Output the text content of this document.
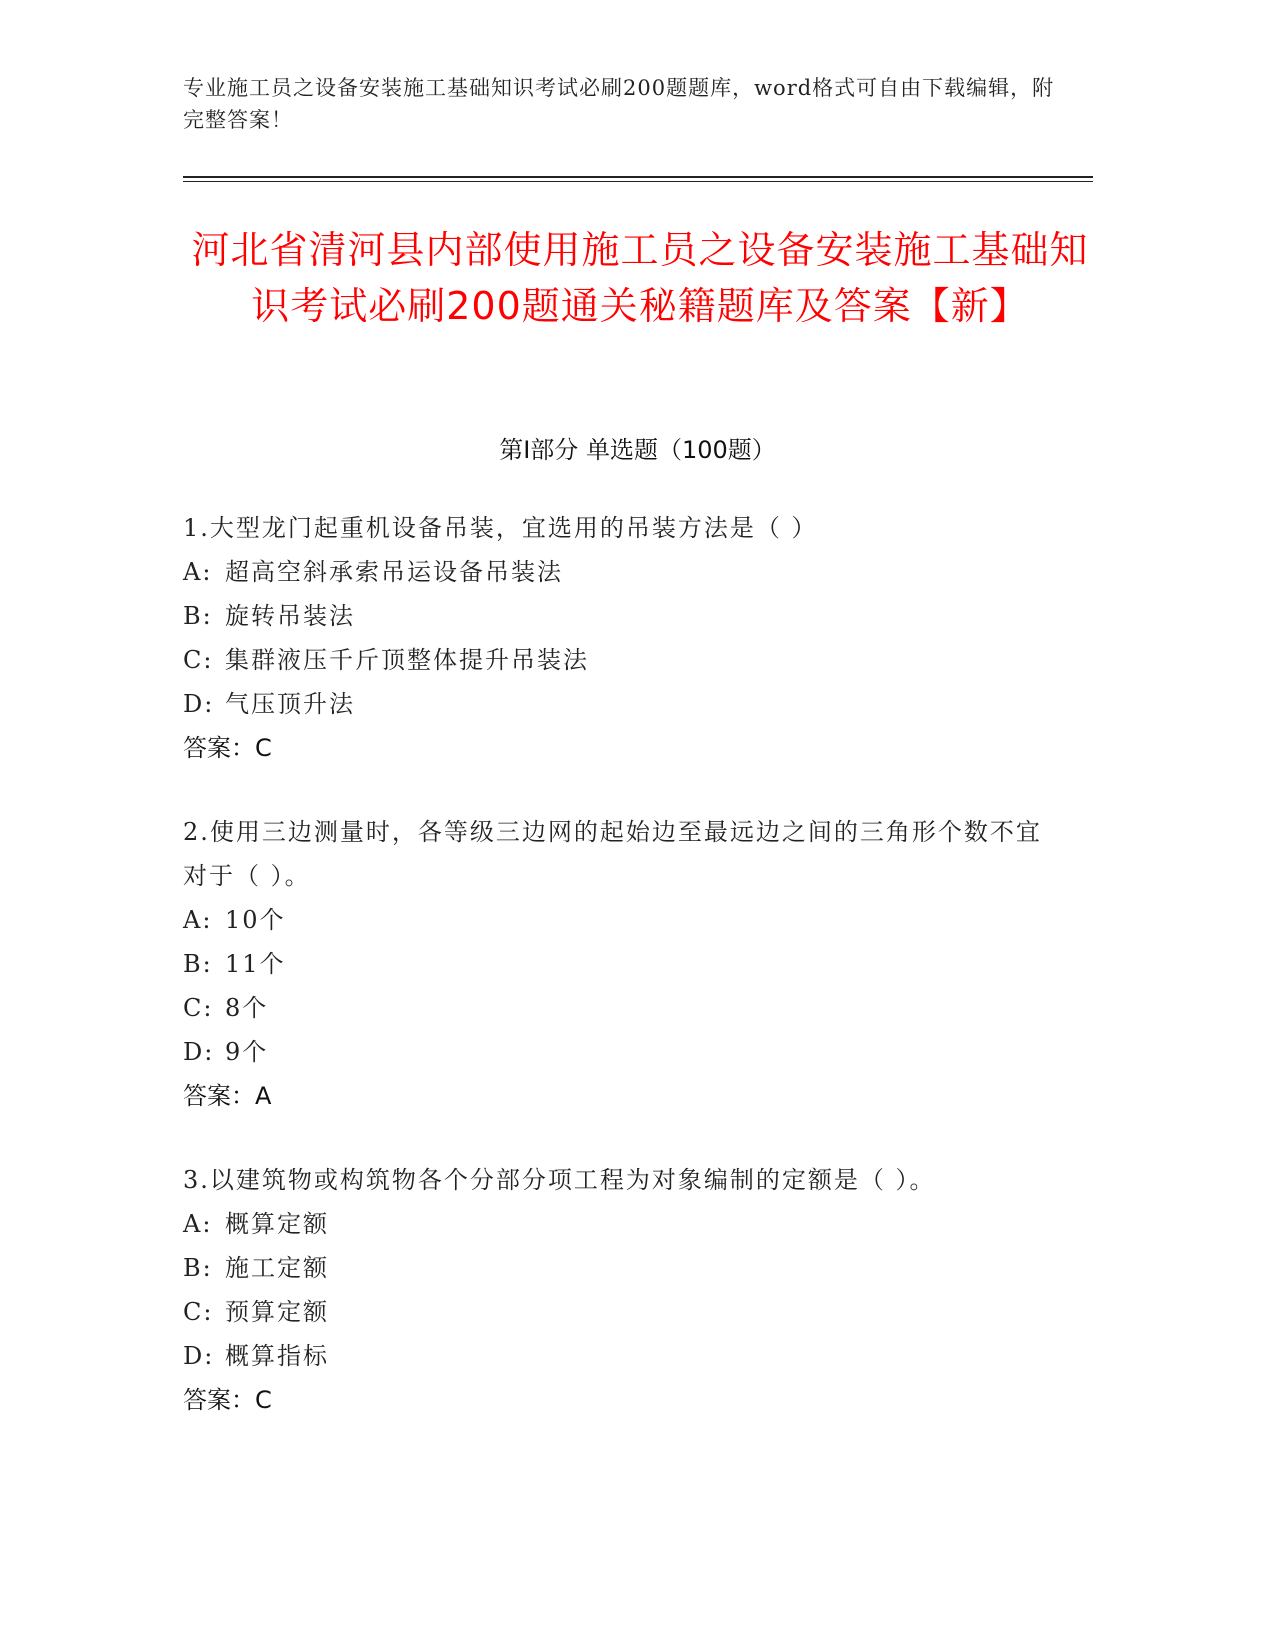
专业施工员之设备安装施工基础知识考试必刷200题题库，word格式可自由下载编辑，附完整答案！
河北省清河县内部使用施工员之设备安装施工基础知识考试必刷200题通关秘籍题库及答案【新】
第I部分 单选题（100题）
1.大型龙门起重机设备吊装，宜选用的吊装方法是（ ）
A: 超高空斜承索吊运设备吊装法
B: 旋转吊装法
C: 集群液压千斤顶整体提升吊装法
D: 气压顶升法
答案：C
2.使用三边测量时，各等级三边网的起始边至最远边之间的三角形个数不宜对于（ ）。
A: 10个
B: 11个
C: 8个
D: 9个
答案：A
3.以建筑物或构筑物各个分部分项工程为对象编制的定额是（ ）。
A: 概算定额
B: 施工定额
C: 预算定额
D: 概算指标
答案：C
